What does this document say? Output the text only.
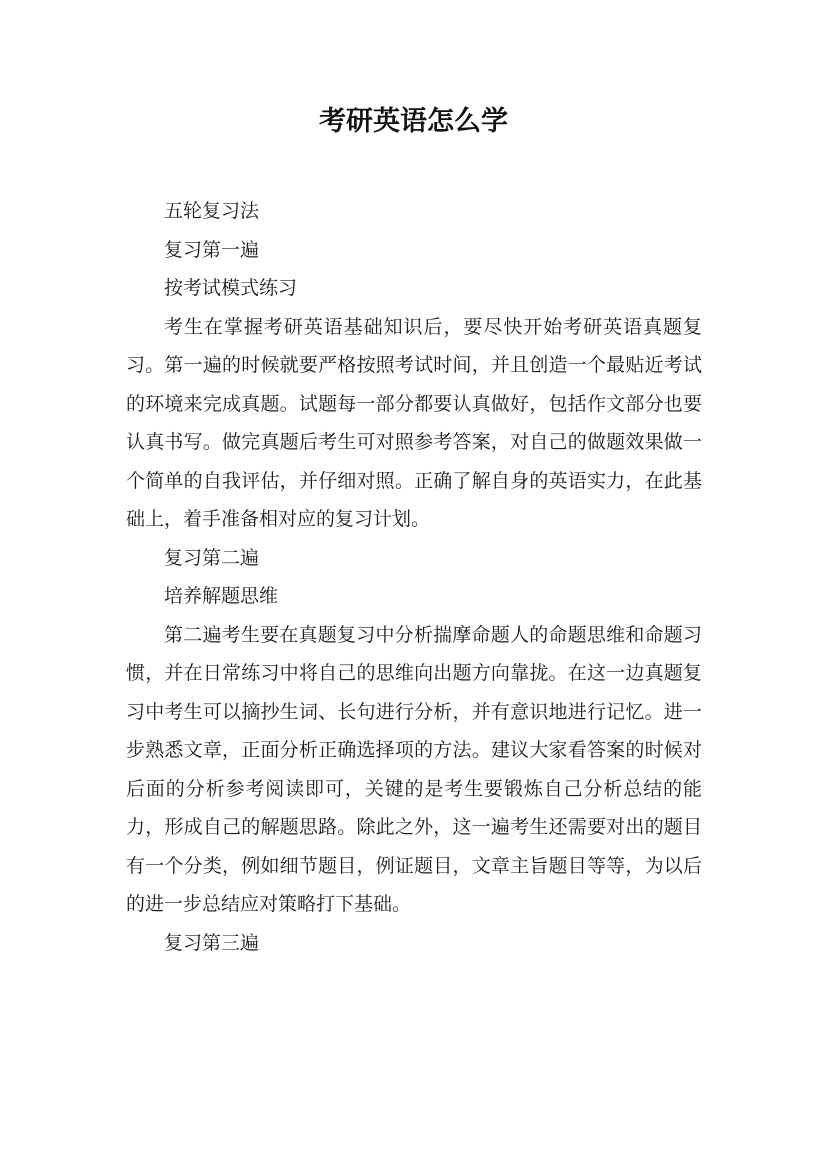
考研英语怎么学

五轮复习法

复习第一遍

按考试模式练习

考生在掌握考研英语基础知识后，要尽快开始考研英语真题复习。第一遍的时候就要严格按照考试时间，并且创造一个最贴近考试的环境来完成真题。试题每一部分都要认真做好，包括作文部分也要认真书写。做完真题后考生可对照参考答案，对自己的做题效果做一个简单的自我评估，并仔细对照。正确了解自身的英语实力，在此基础上，着手准备相对应的复习计划。

复习第二遍

培养解题思维

第二遍考生要在真题复习中分析揣摩命题人的命题思维和命题习惯，并在日常练习中将自己的思维向出题方向靠拢。在这一边真题复习中考生可以摘抄生词、长句进行分析，并有意识地进行记忆。进一步熟悉文章，正面分析正确选择项的方法。建议大家看答案的时候对后面的分析参考阅读即可，关键的是考生要锻炼自己分析总结的能力，形成自己的解题思路。除此之外，这一遍考生还需要对出的题目有一个分类，例如细节题目，例证题目，文章主旨题目等等，为以后的进一步总结应对策略打下基础。

复习第三遍
